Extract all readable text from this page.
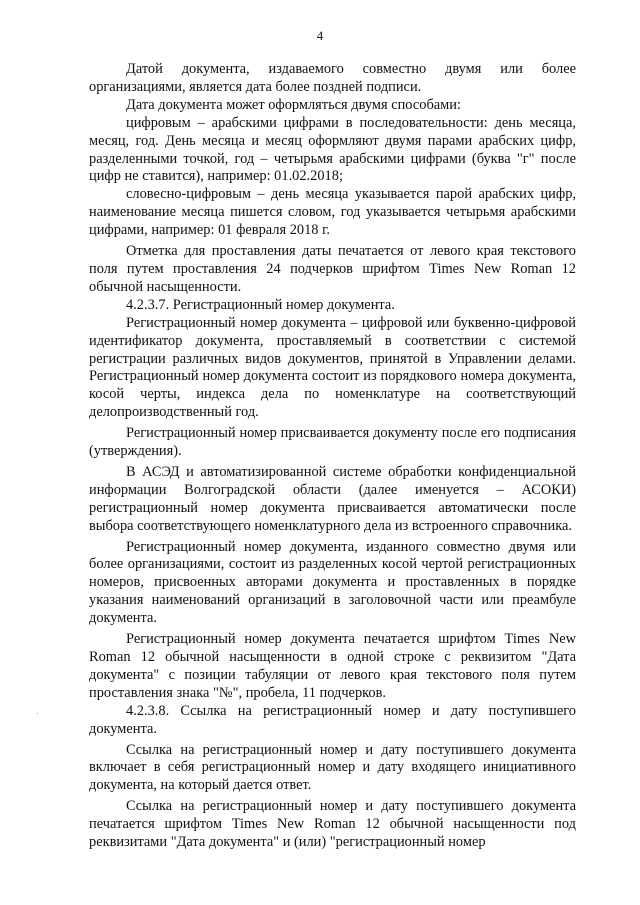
4

Датой документа, издаваемого совместно двумя или более организациями, является дата более поздней подписи.

Дата документа может оформляться двумя способами:

цифровым – арабскими цифрами в последовательности: день месяца, месяц, год. День месяца и месяц оформляют двумя парами арабских цифр, разделенными точкой, год – четырьмя арабскими цифрами (буква "г" после цифр не ставится), например: 01.02.2018;

словесно-цифровым – день месяца указывается парой арабских цифр, наименование месяца пишется словом, год указывается четырьмя арабскими цифрами, например: 01 февраля 2018 г.

Отметка для проставления даты печатается от левого края текстового поля путем проставления 24 подчерков шрифтом Times New Roman 12 обычной насыщенности.

4.2.3.7. Регистрационный номер документа.

Регистрационный номер документа – цифровой или буквенно-цифровой идентификатор документа, проставляемый в соответствии с системой регистрации различных видов документов, принятой в Управлении делами. Регистрационный номер документа состоит из порядкового номера документа, косой черты, индекса дела по номенклатуре на соответствующий делопроизводственный год.

Регистрационный номер присваивается документу после его подписания (утверждения).

В АСЭД и автоматизированной системе обработки конфиденциальной информации Волгоградской области (далее именуется – АСОКИ) регистрационный номер документа присваивается автоматически после выбора соответствующего номенклатурного дела из встроенного справочника.

Регистрационный номер документа, изданного совместно двумя или более организациями, состоит из разделенных косой чертой регистрационных номеров, присвоенных авторами документа и проставленных в порядке указания наименований организаций в заголовочной части или преамбуле документа.

Регистрационный номер документа печатается шрифтом Times New Roman 12 обычной насыщенности в одной строке с реквизитом "Дата документа" с позиции табуляции от левого края текстового поля путем проставления знака "№", пробела, 11 подчерков.

4.2.3.8. Ссылка на регистрационный номер и дату поступившего документа.

Ссылка на регистрационный номер и дату поступившего документа включает в себя регистрационный номер и дату входящего инициативного документа, на который дается ответ.

Ссылка на регистрационный номер и дату поступившего документа печатается шрифтом Times New Roman 12 обычной насыщенности под реквизитами "Дата документа" и (или) "регистрационный номер
